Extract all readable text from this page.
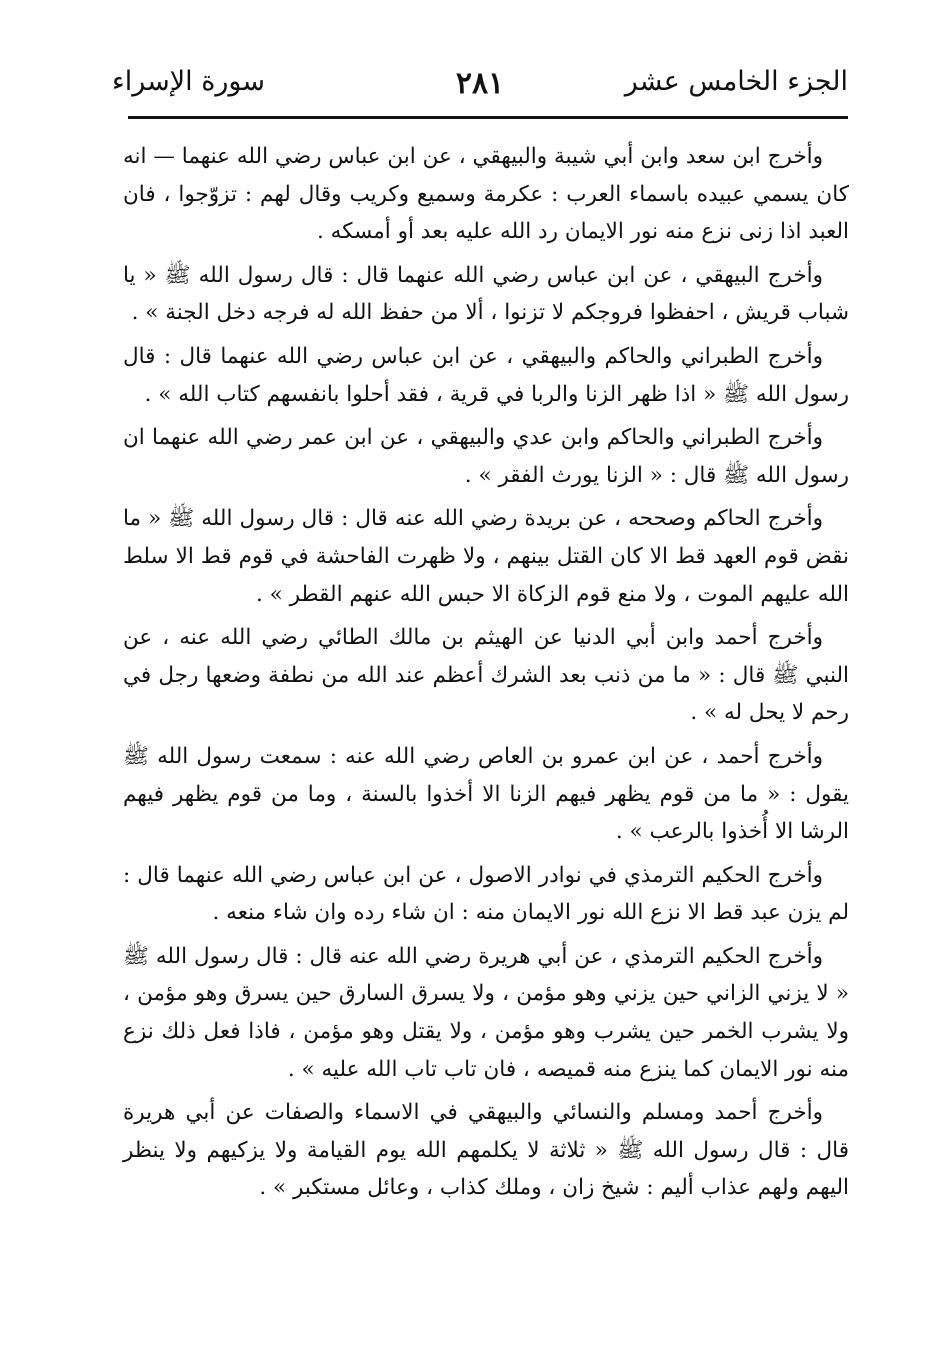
الجزء الخامس عشر
٢٨١
سورة الإسراء

وأخرج ابن سعد وابن أبي شيبة والبيهقي ، عن ابن عباس رضي الله عنهما — انه كان يسمي عبيده باسماء العرب : عكرمة وسميع وكريب وقال لهم : تزوّجوا ، فان العبد اذا زنى نزع منه نور الايمان رد الله عليه بعد أو أمسكه .

وأخرج البيهقي ، عن ابن عباس رضي الله عنهما قال : قال رسول الله ﷺ « يا شباب قريش ، احفظوا فروجكم لا تزنوا ، ألا من حفظ الله له فرجه دخل الجنة » .

وأخرج الطبراني والحاكم والبيهقي ، عن ابن عباس رضي الله عنهما قال : قال رسول الله ﷺ « اذا ظهر الزنا والربا في قرية ، فقد أحلوا بانفسهم كتاب الله » .

وأخرج الطبراني والحاكم وابن عدي والبيهقي ، عن ابن عمر رضي الله عنهما ان رسول الله ﷺ قال : « الزنا يورث الفقر » .

وأخرج الحاكم وصححه ، عن بريدة رضي الله عنه قال : قال رسول الله ﷺ « ما نقض قوم العهد قط الا كان القتل بينهم ، ولا ظهرت الفاحشة في قوم قط الا سلط الله عليهم الموت ، ولا منع قوم الزكاة الا حبس الله عنهم القطر » .

وأخرج أحمد وابن أبي الدنيا عن الهيثم بن مالك الطائي رضي الله عنه ، عن النبي ﷺ قال : « ما من ذنب بعد الشرك أعظم عند الله من نطفة وضعها رجل في رحم لا يحل له » .

وأخرج أحمد ، عن ابن عمرو بن العاص رضي الله عنه : سمعت رسول الله ﷺ يقول : « ما من قوم يظهر فيهم الزنا الا أخذوا بالسنة ، وما من قوم يظهر فيهم الرشا الا أُخذوا بالرعب » .

وأخرج الحكيم الترمذي في نوادر الاصول ، عن ابن عباس رضي الله عنهما قال : لم يزن عبد قط الا نزع الله نور الايمان منه : ان شاء رده وان شاء منعه .

وأخرج الحكيم الترمذي ، عن أبي هريرة رضي الله عنه قال : قال رسول الله ﷺ « لا يزني الزاني حين يزني وهو مؤمن ، ولا يسرق السارق حين يسرق وهو مؤمن ، ولا يشرب الخمر حين يشرب وهو مؤمن ، ولا يقتل وهو مؤمن ، فاذا فعل ذلك نزع منه نور الايمان كما ينزع منه قميصه ، فان تاب تاب الله عليه » .

وأخرج أحمد ومسلم والنسائي والبيهقي في الاسماء والصفات عن أبي هريرة قال : قال رسول الله ﷺ « ثلاثة لا يكلمهم الله يوم القيامة ولا يزكيهم ولا ينظر اليهم ولهم عذاب أليم : شيخ زان ، وملك كذاب ، وعائل مستكبر » .
